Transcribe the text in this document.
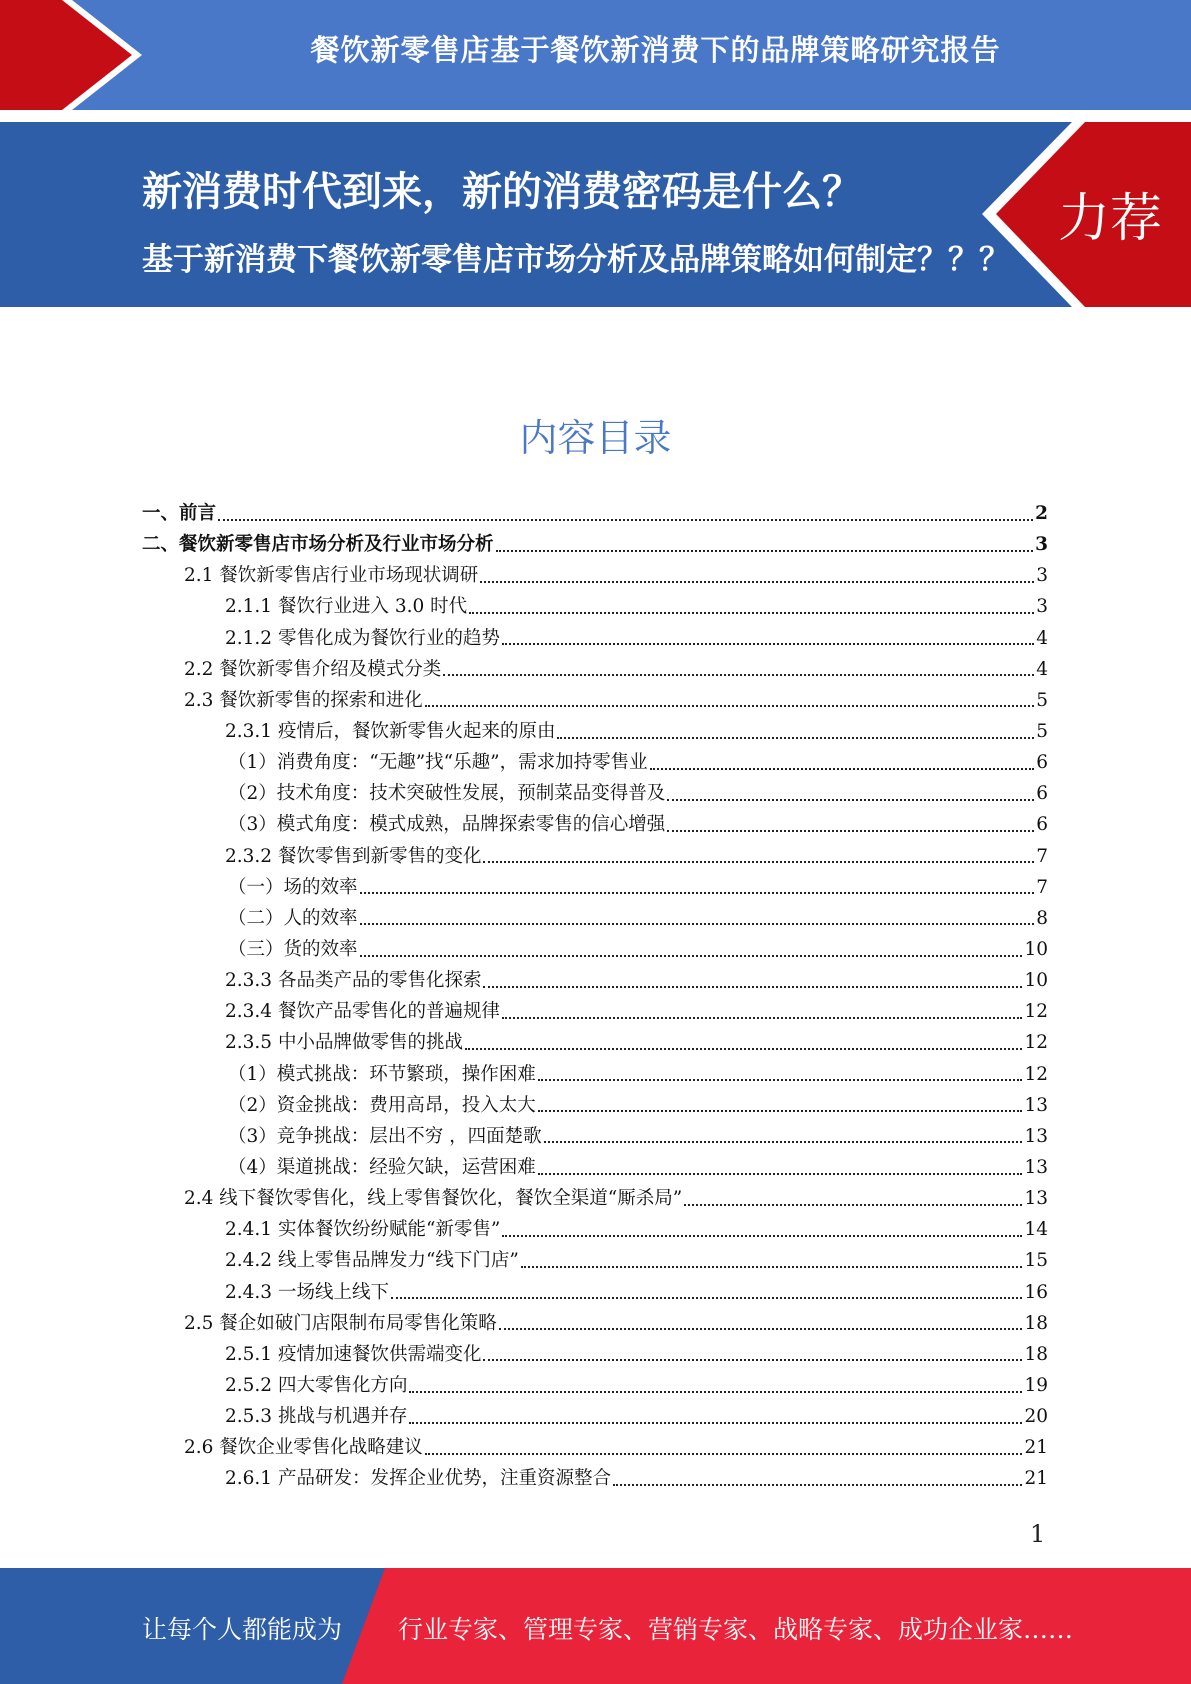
餐饮新零售店基于餐饮新消费下的品牌策略研究报告
新消费时代到来，新的消费密码是什么？
基于新消费下餐饮新零售店市场分析及品牌策略如何制定？？？
力荐
内容目录
一、前言	2
二、餐饮新零售店市场分析及行业市场分析	3
2.1 餐饮新零售店行业市场现状调研	3
2.1.1 餐饮行业进入 3.0 时代	3
2.1.2 零售化成为餐饮行业的趋势	4
2.2 餐饮新零售介绍及模式分类	4
2.3 餐饮新零售的探索和进化	5
2.3.1 疫情后，餐饮新零售火起来的原由	5
（1）消费角度：“无趣”找“乐趣”，需求加持零售业	6
（2）技术角度：技术突破性发展，预制菜品变得普及	6
（3）模式角度：模式成熟，品牌探索零售的信心增强	6
2.3.2 餐饮零售到新零售的变化	7
（一）场的效率	7
（二）人的效率	8
（三）货的效率	10
2.3.3 各品类产品的零售化探索	10
2.3.4 餐饮产品零售化的普遍规律	12
2.3.5 中小品牌做零售的挑战	12
（1）模式挑战：环节繁琐，操作困难	12
（2）资金挑战：费用高昂，投入太大	13
（3）竞争挑战：层出不穷 ，四面楚歌	13
（4）渠道挑战：经验欠缺，运营困难	13
2.4 线下餐饮零售化，线上零售餐饮化，餐饮全渠道“厮杀局”	13
2.4.1 实体餐饮纷纷赋能“新零售”	14
2.4.2 线上零售品牌发力“线下门店”	15
2.4.3 一场线上线下	16
2.5 餐企如破门店限制布局零售化策略	18
2.5.1 疫情加速餐饮供需端变化	18
2.5.2 四大零售化方向	19
2.5.3 挑战与机遇并存	20
2.6 餐饮企业零售化战略建议	21
2.6.1 产品研发：发挥企业优势，注重资源整合	21
1
让每个人都能成为 行业专家、管理专家、营销专家、战略专家、成功企业家……
